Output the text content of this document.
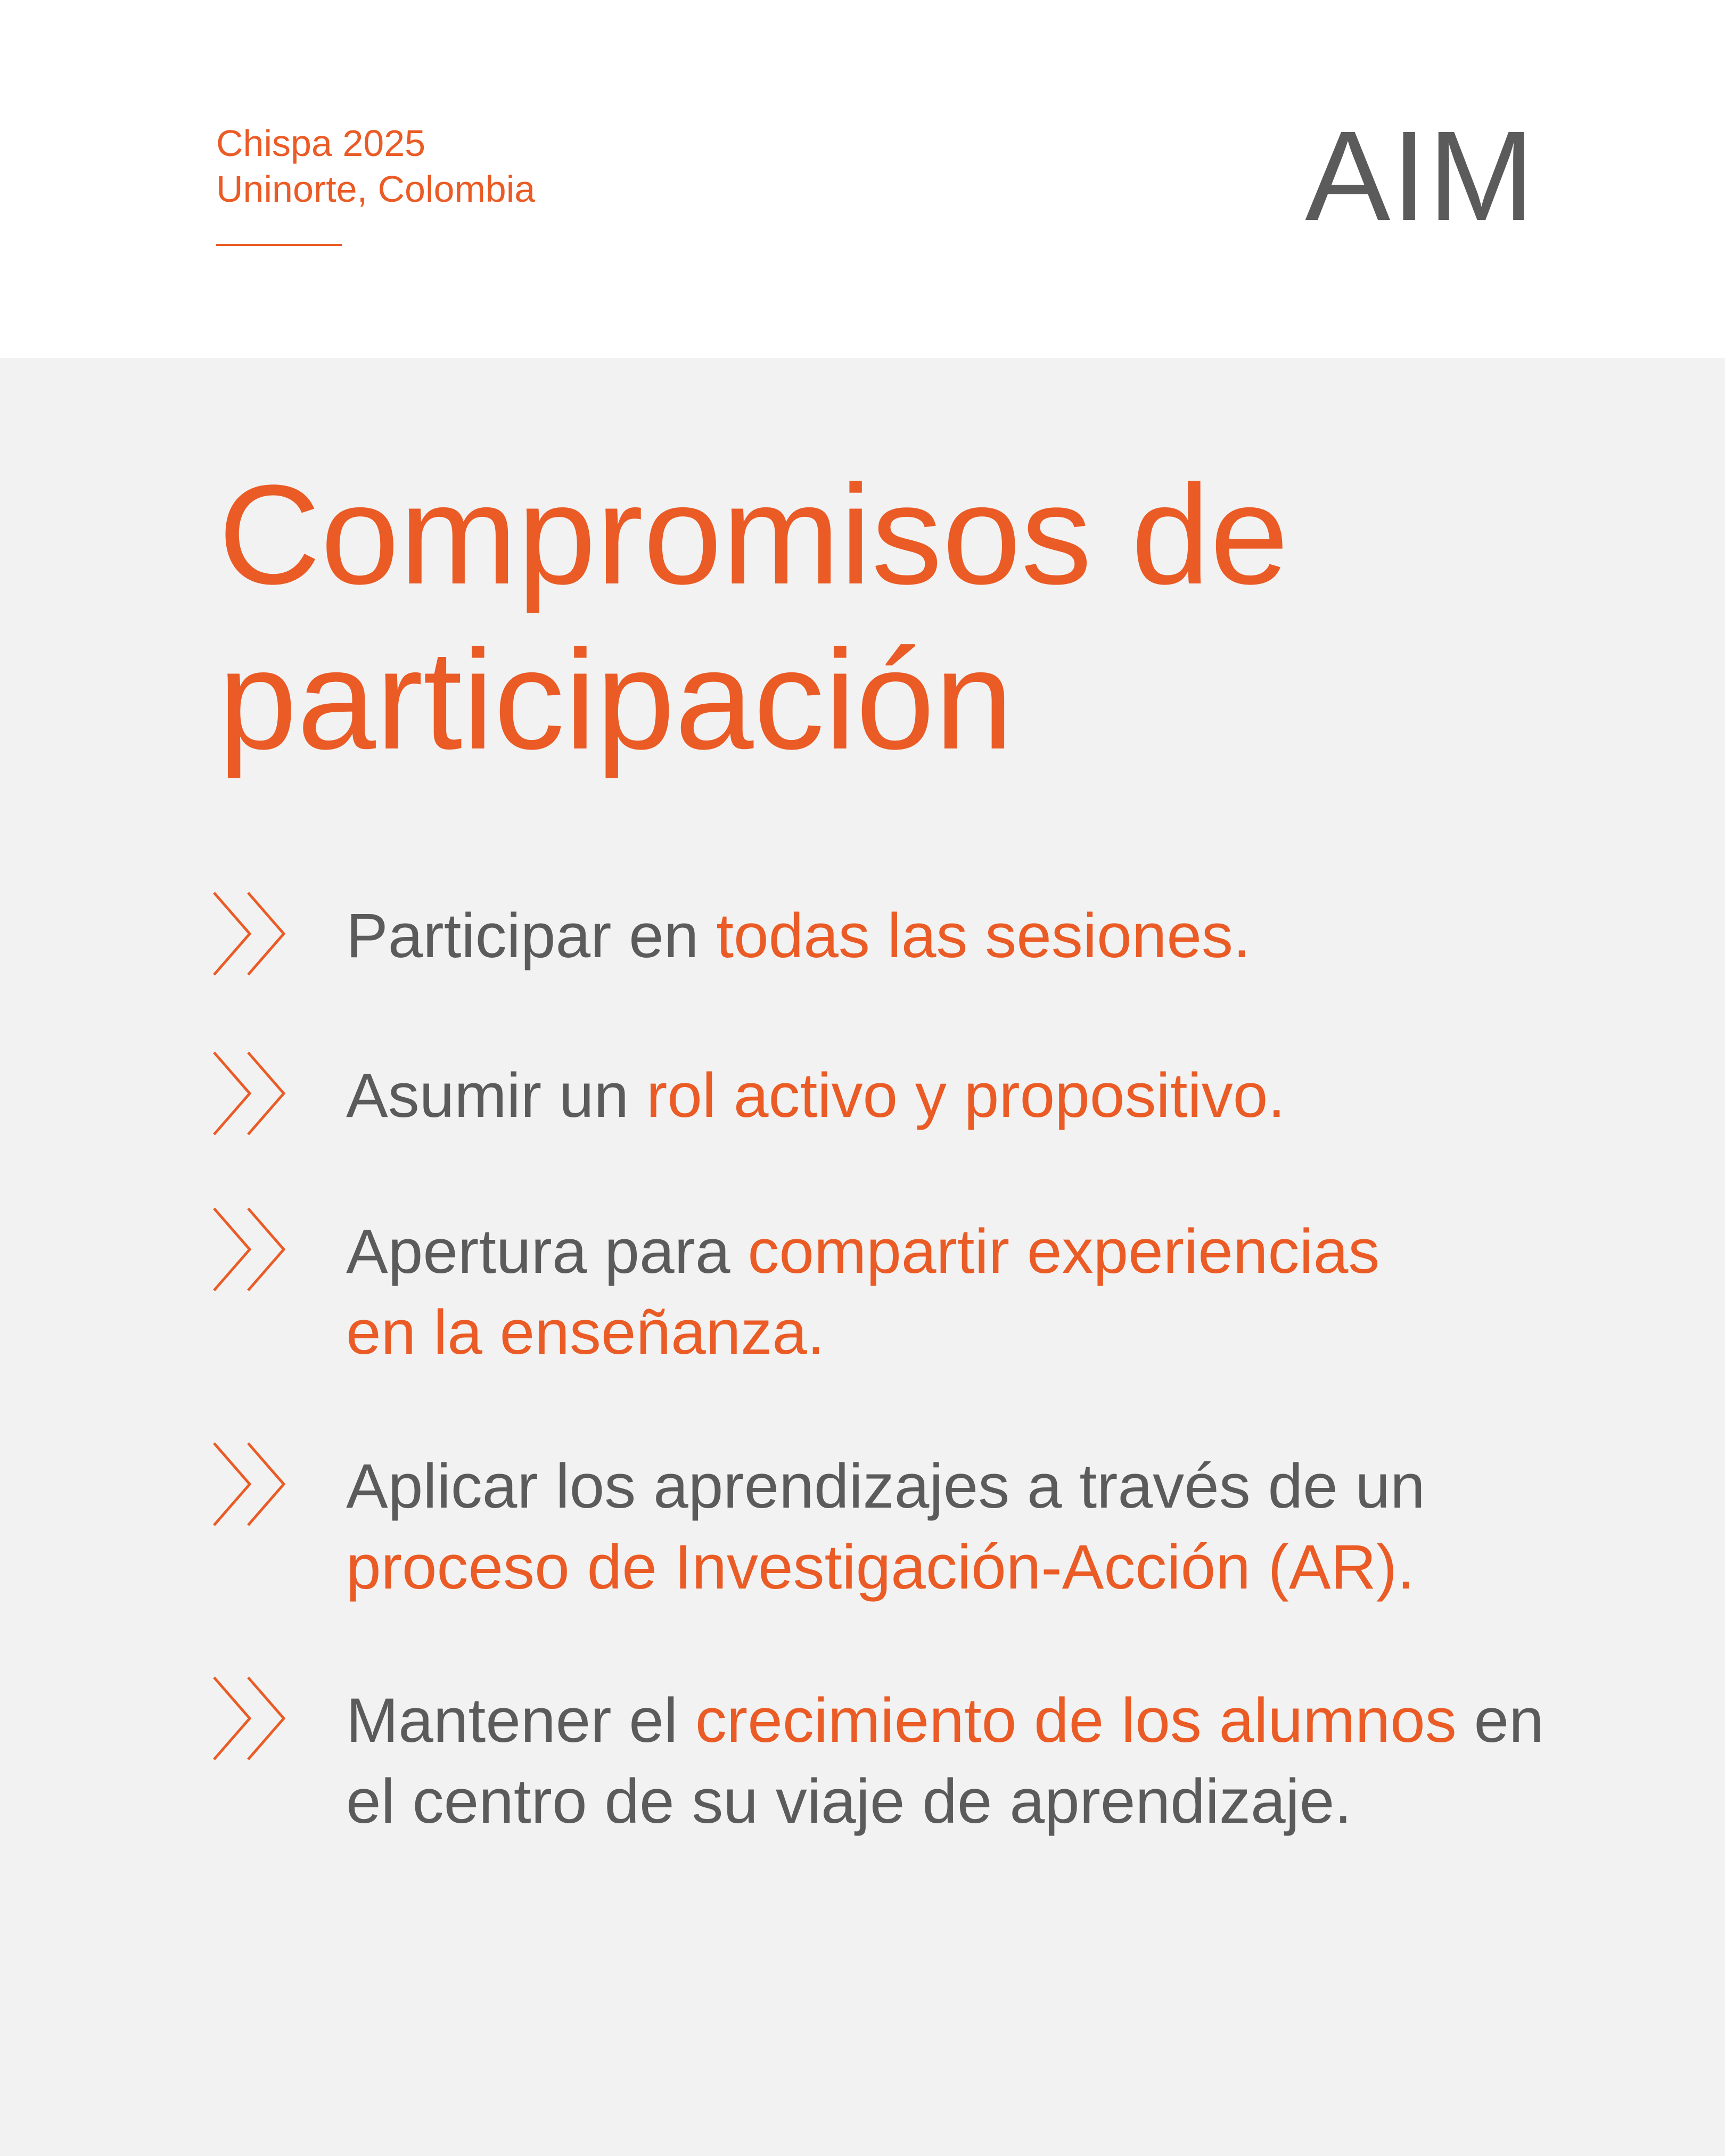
Chispa 2025
Uninorte, Colombia	AIM
Compromisos de
participación

Participar en todas las sesiones.

Asumir un rol activo y propositivo.

Apertura para compartir experiencias en la enseñanza.

Aplicar los aprendizajes a través de un proceso de Investigación-Acción (AR).

Mantener el crecimiento de los alumnos en el centro de su viaje de aprendizaje.
